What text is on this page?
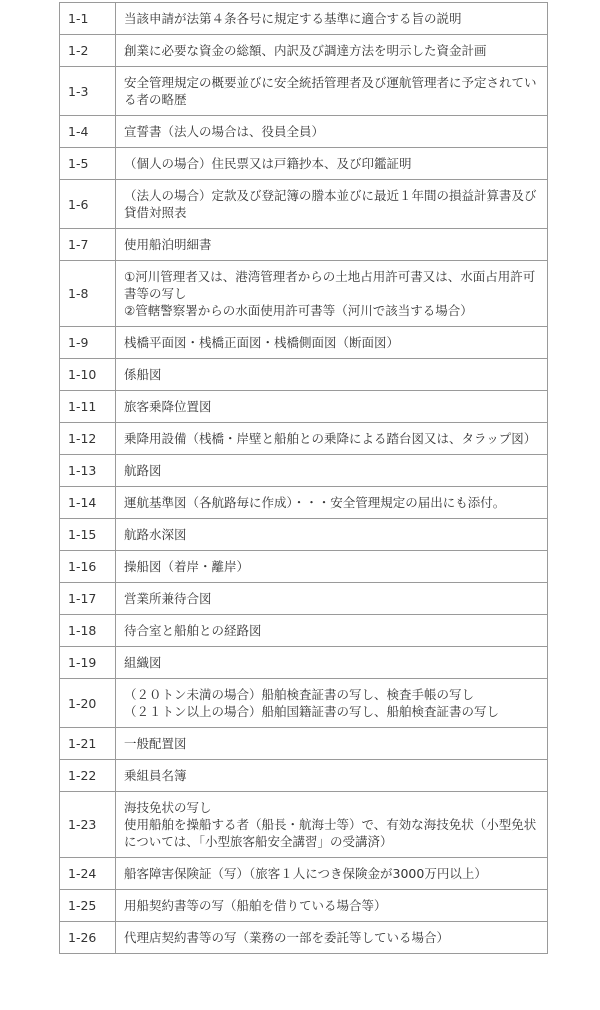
1-1	当該申請が法第４条各号に規定する基準に適合する旨の説明
1-2	創業に必要な資金の総額、内訳及び調達方法を明示した資金計画
1-3	安全管理規定の概要並びに安全統括管理者及び運航管理者に予定されている者の略歴
1-4	宣誓書（法人の場合は、役員全員）
1-5	（個人の場合）住民票又は戸籍抄本、及び印鑑証明
1-6	（法人の場合）定款及び登記簿の謄本並びに最近１年間の損益計算書及び貸借対照表
1-7	使用船泊明細書
1-8	①河川管理者又は、港湾管理者からの土地占用許可書又は、水面占用許可書等の写し
②管轄警察署からの水面使用許可書等（河川で該当する場合）
1-9	桟橋平面図・桟橋正面図・桟橋側面図（断面図）
1-10	係船図
1-11	旅客乗降位置図
1-12	乗降用設備（桟橋・岸壁と船舶との乗降による踏台図又は、タラップ図）
1-13	航路図
1-14	運航基準図（各航路毎に作成）・・・安全管理規定の届出にも添付。
1-15	航路水深図
1-16	操船図（着岸・離岸）
1-17	営業所兼待合図
1-18	待合室と船舶との経路図
1-19	組織図
1-20	（２０トン未満の場合）船舶検査証書の写し、検査手帳の写し
（２１トン以上の場合）船舶国籍証書の写し、船舶検査証書の写し
1-21	一般配置図
1-22	乗組員名簿
1-23	海技免状の写し
使用船舶を操船する者（船長・航海士等）で、有効な海技免状（小型免状については、「小型旅客船安全講習」の受講済）
1-24	船客障害保険証（写）（旅客１人につき保険金が3000万円以上）
1-25	用船契約書等の写（船舶を借りている場合等）
1-26	代理店契約書等の写（業務の一部を委託等している場合）
